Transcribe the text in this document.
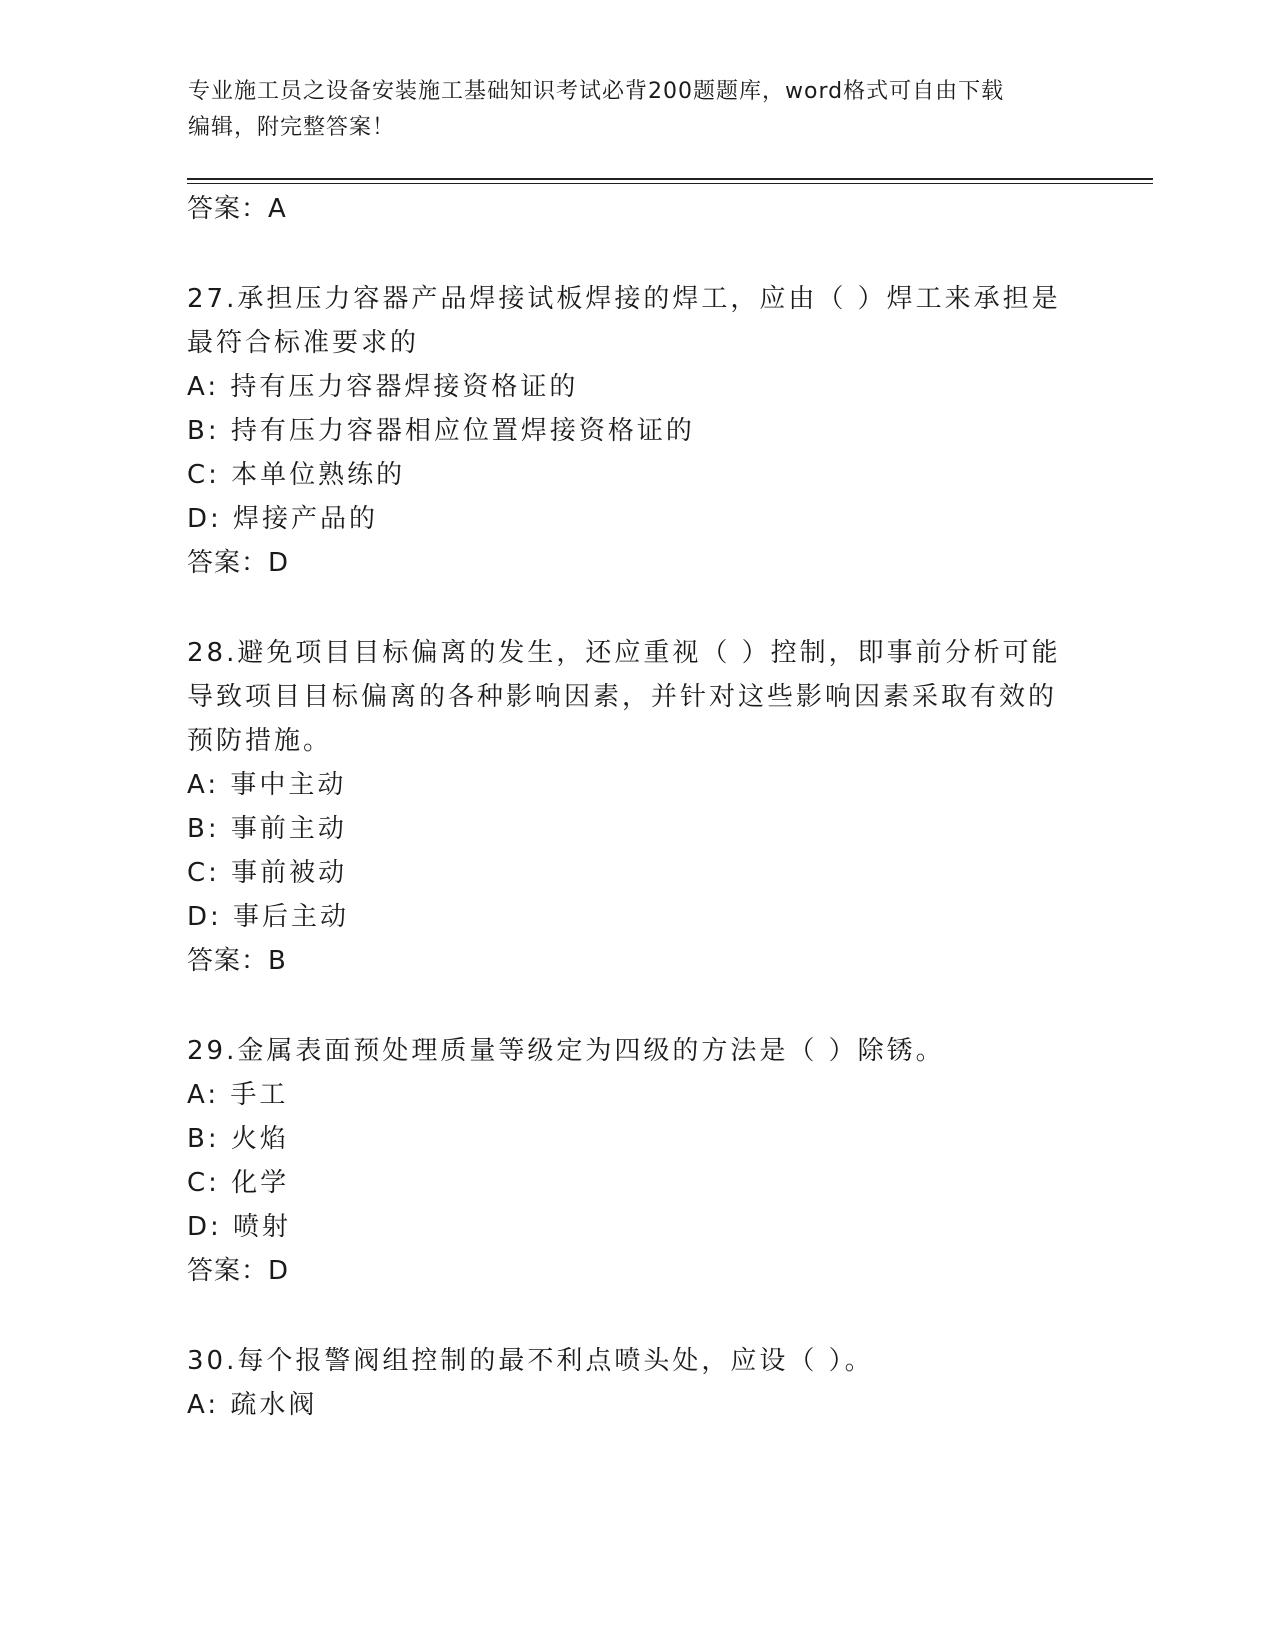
专业施工员之设备安装施工基础知识考试必背200题题库，word格式可自由下载
编辑，附完整答案！
答案：A
27.承担压力容器产品焊接试板焊接的焊工，应由（ ）焊工来承担是
最符合标准要求的
A: 持有压力容器焊接资格证的
B: 持有压力容器相应位置焊接资格证的
C: 本单位熟练的
D: 焊接产品的
答案：D
28.避免项目目标偏离的发生，还应重视（ ）控制，即事前分析可能
导致项目目标偏离的各种影响因素，并针对这些影响因素采取有效的
预防措施。
A: 事中主动
B: 事前主动
C: 事前被动
D: 事后主动
答案：B
29.金属表面预处理质量等级定为四级的方法是（ ）除锈。
A: 手工
B: 火焰
C: 化学
D: 喷射
答案：D
30.每个报警阀组控制的最不利点喷头处，应设（ ）。
A: 疏水阀
